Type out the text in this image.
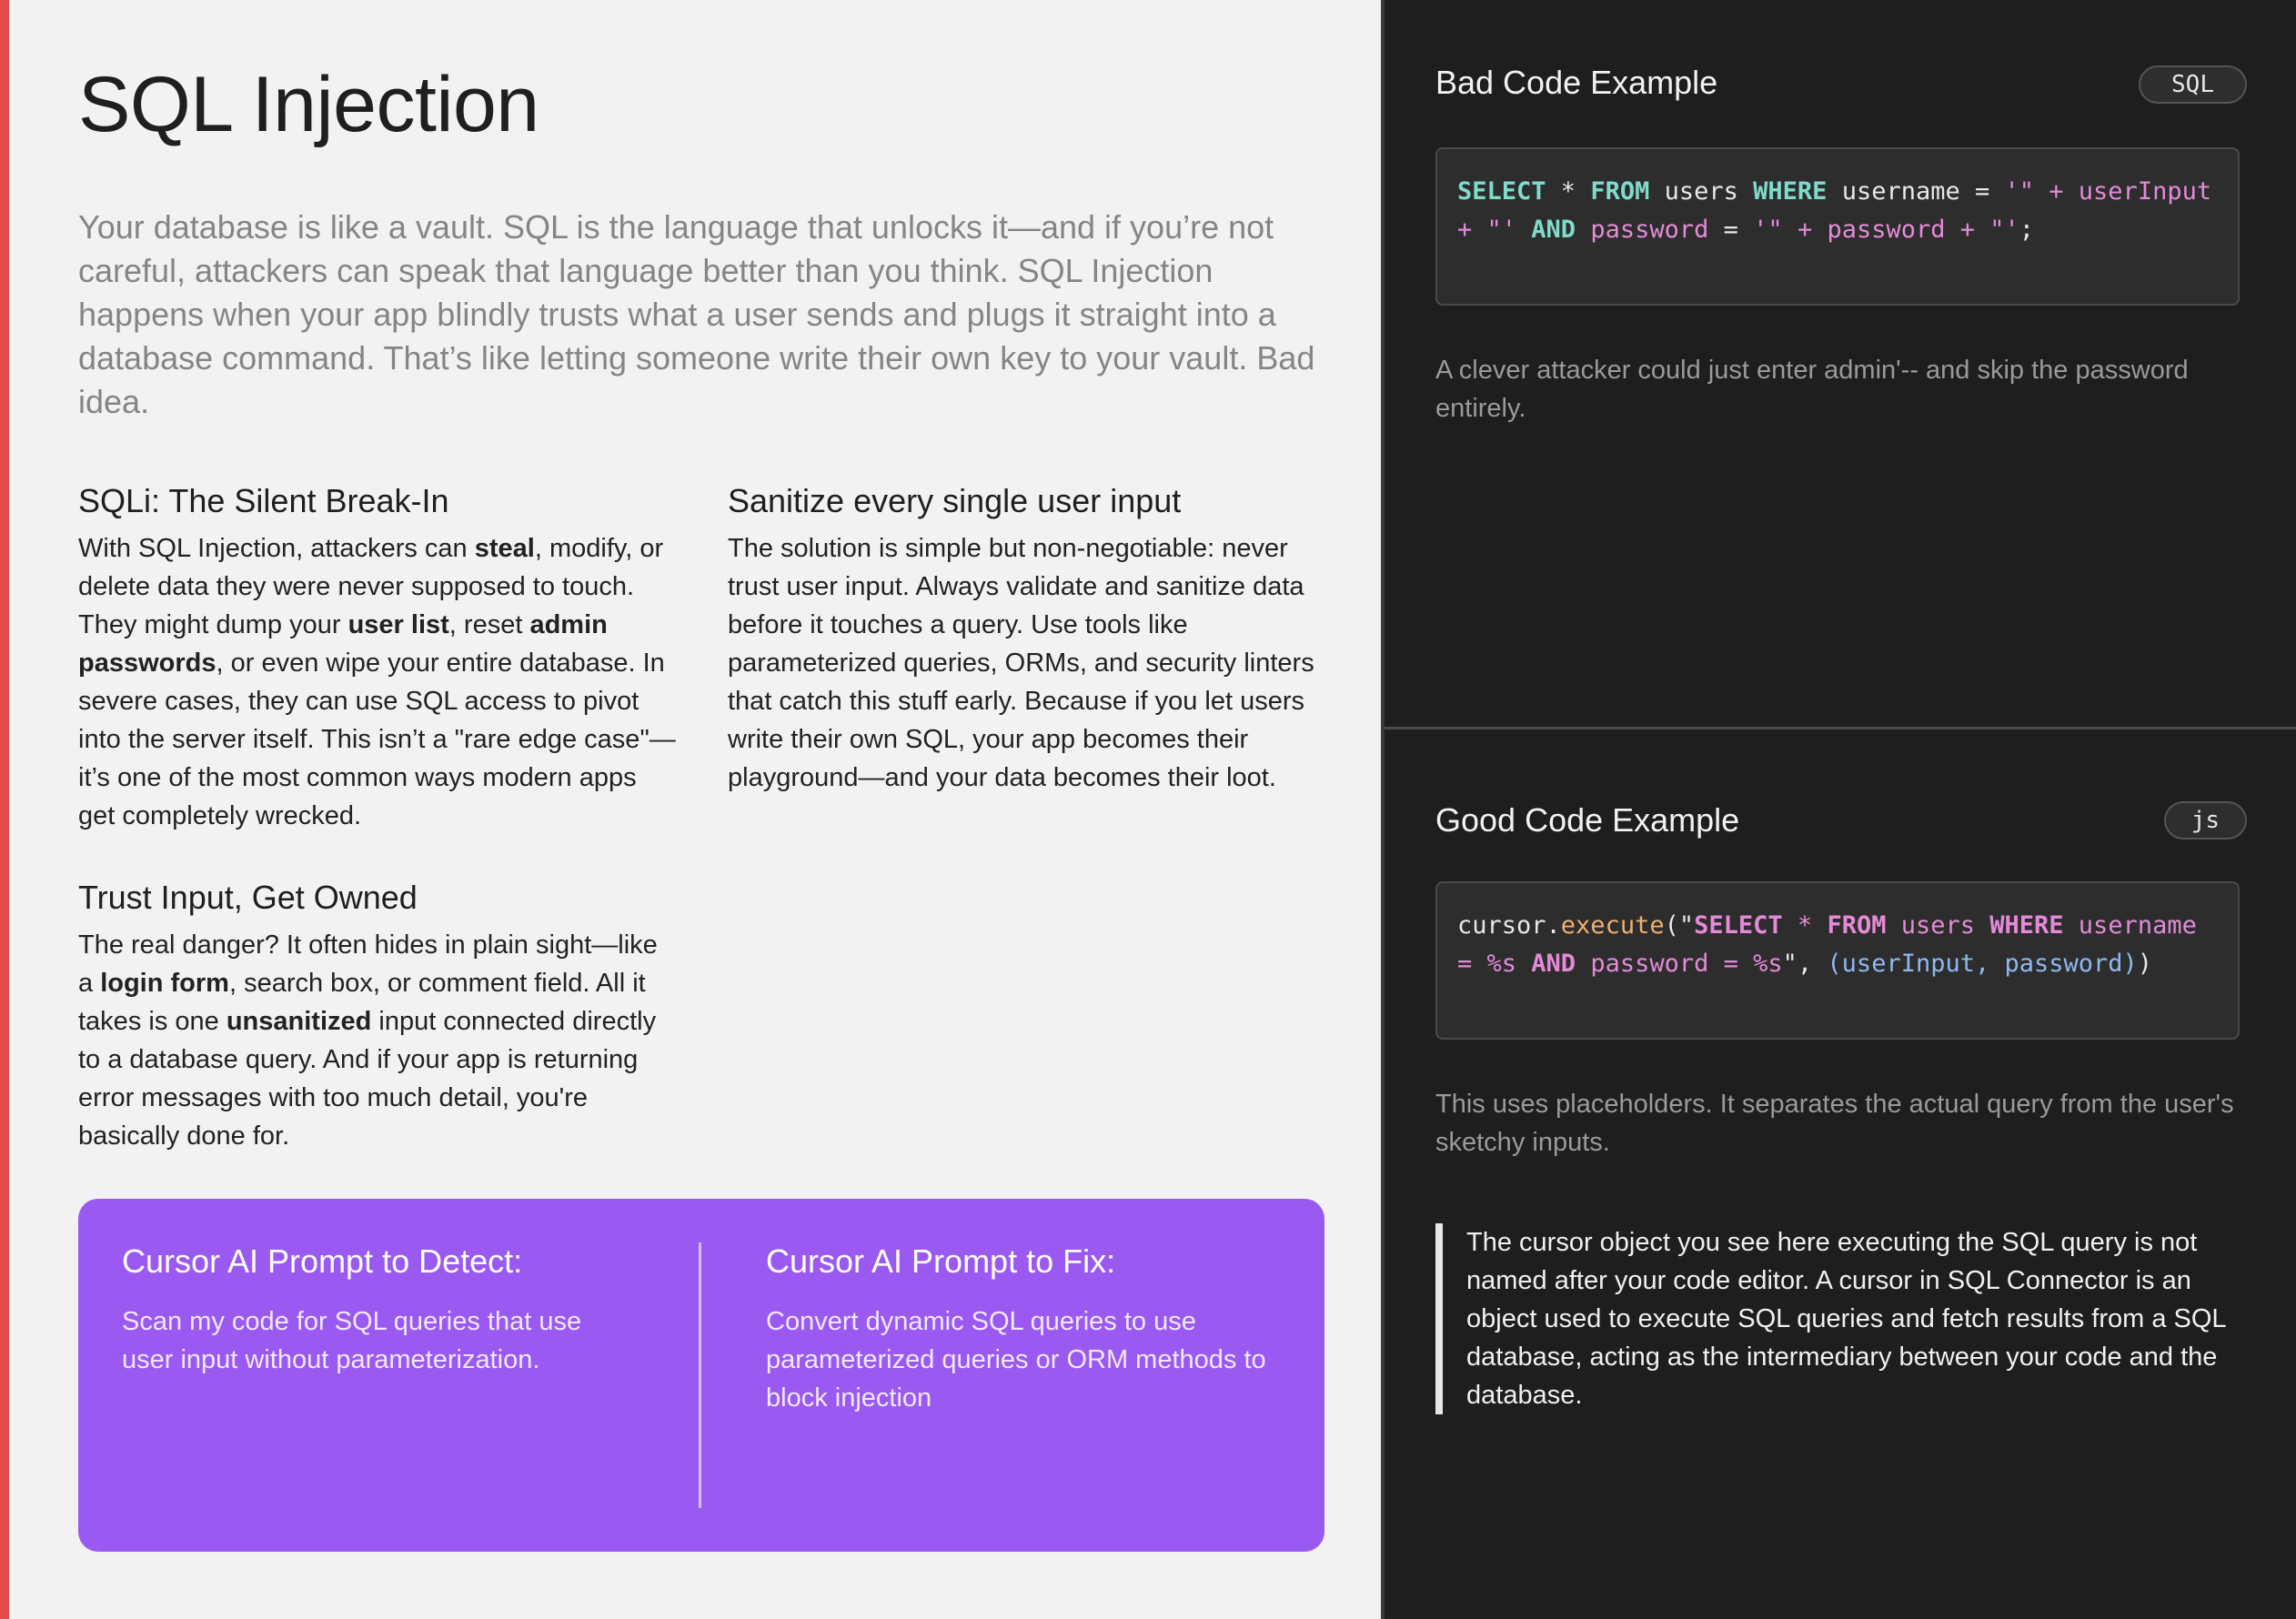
SQL Injection

Your database is like a vault. SQL is the language that unlocks it—and if you’re not careful, attackers can speak that language better than you think. SQL Injection happens when your app blindly trusts what a user sends and plugs it straight into a database command. That’s like letting someone write their own key to your vault. Bad idea.

SQLi: The Silent Break-In

With SQL Injection, attackers can steal, modify, or delete data they were never supposed to touch. They might dump your user list, reset admin passwords, or even wipe your entire database. In severe cases, they can use SQL access to pivot into the server itself. This isn’t a "rare edge case"—it’s one of the most common ways modern apps get completely wrecked.

Sanitize every single user input

The solution is simple but non-negotiable: never trust user input. Always validate and sanitize data before it touches a query. Use tools like parameterized queries, ORMs, and security linters that catch this stuff early. Because if you let users write their own SQL, your app becomes their playground—and your data becomes their loot.

Trust Input, Get Owned

The real danger? It often hides in plain sight—like a login form, search box, or comment field. All it takes is one unsanitized input connected directly to a database query. And if your app is returning error messages with too much detail, you're basically done for.

Cursor AI Prompt to Detect:

Scan my code for SQL queries that use user input without parameterization.

Cursor AI Prompt to Fix:

Convert dynamic SQL queries to use parameterized queries or ORM methods to block injection

Bad Code Example	SQL
SELECT * FROM users WHERE username = '" + userInput + "' AND password = '" + password + "';

A clever attacker could just enter admin'-- and skip the password entirely.

Good Code Example	js
cursor.execute("SELECT * FROM users WHERE username = %s AND password = %s", (userInput, password))

This uses placeholders. It separates the actual query from the user's sketchy inputs.

The cursor object you see here executing the SQL query is not named after your code editor. A cursor in SQL Connector is an object used to execute SQL queries and fetch results from a SQL database, acting as the intermediary between your code and the database.
